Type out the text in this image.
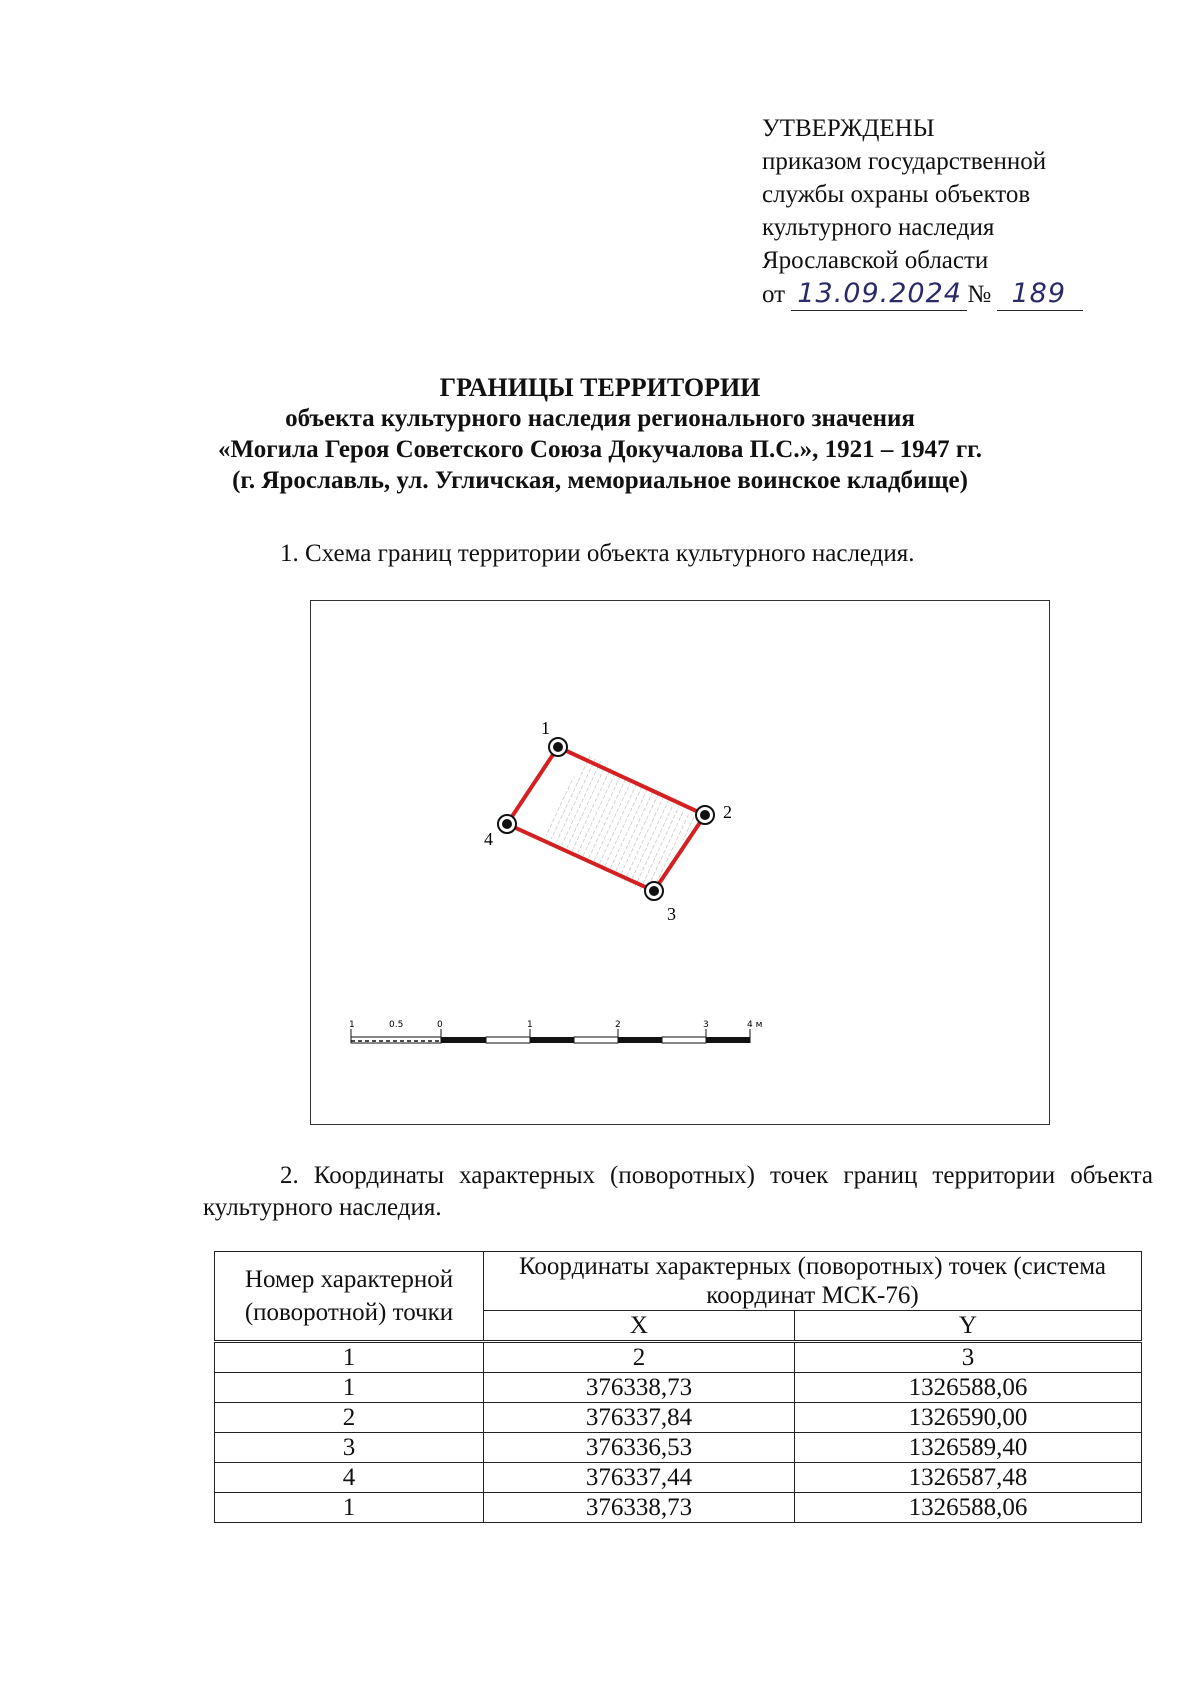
УТВЕРЖДЕНЫ
приказом государственной
службы охраны объектов
культурного наследия
Ярославской области
от 13.09.2024 № 189
ГРАНИЦЫ ТЕРРИТОРИИ
объекта культурного наследия регионального значения
«Могила Героя Советского Союза Докучалова П.С.», 1921 – 1947 гг.
(г. Ярославль, ул. Угличская, мемориальное воинское кладбище)
1. Схема границ территории объекта культурного наследия.
1
2
3
4
1	0.5	0	1	2	3	4 м
2. Координаты характерных (поворотных) точек границ территории объекта культурного наследия.
Номер характерной (поворотной) точки	Координаты характерных (поворотных) точек (система координат МСК-76)	
	X	Y
1	2	3
1	376338,73	1326588,06
2	376337,84	1326590,00
3	376336,53	1326589,40
4	376337,44	1326587,48
1	376338,73	1326588,06
